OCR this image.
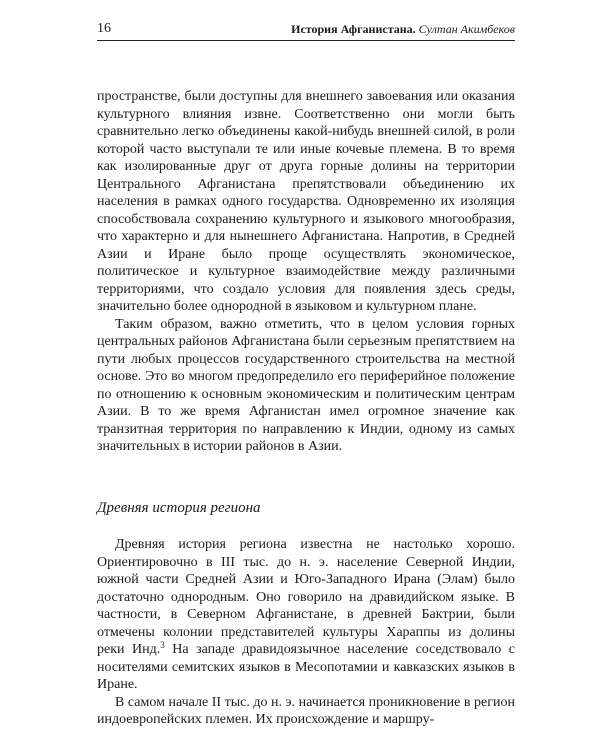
16	История Афганистана. Султан Акимбеков

пространстве, были доступны для внешнего завоевания или оказания культурного влияния извне. Соответственно они могли быть сравнительно легко объединены какой-нибудь внешней силой, в роли которой часто выступали те или иные кочевые племена. В то время как изолированные друг от друга горные долины на территории Центрального Афганистана препятствовали объединению их населения в рамках одного государства. Одновременно их изоляция способствовала сохранению культурного и языкового многообразия, что характерно и для нынешнего Афганистана. Напротив, в Средней Азии и Иране было проще осуществлять экономическое, политическое и культурное взаимодействие между различными территориями, что создало условия для появления здесь среды, значительно более однородной в языковом и культурном плане.

Таким образом, важно отметить, что в целом условия горных центральных районов Афганистана были серьезным препятствием на пути любых процессов государственного строительства на местной основе. Это во многом предопределило его периферийное положение по отношению к основным экономическим и политическим центрам Азии. В то же время Афганистан имел огромное значение как транзитная территория по направлению к Индии, одному из самых значительных в истории районов в Азии.

Древняя история региона

Древняя история региона известна не настолько хорошо. Ориентировочно в III тыс. до н. э. население Северной Индии, южной части Средней Азии и Юго-Западного Ирана (Элам) было достаточно однородным. Оно говорило на дравидийском языке. В частности, в Северном Афганистане, в древней Бактрии, были отмечены колонии представителей культуры Хараппы из долины реки Инд.$^3$ На западе дравидоязычное население соседствовало с носителями семитских языков в Месопотамии и кавказских языков в Иране.

В самом начале II тыс. до н. э. начинается проникновение в регион индоевропейских племен. Их происхождение и маршру-
